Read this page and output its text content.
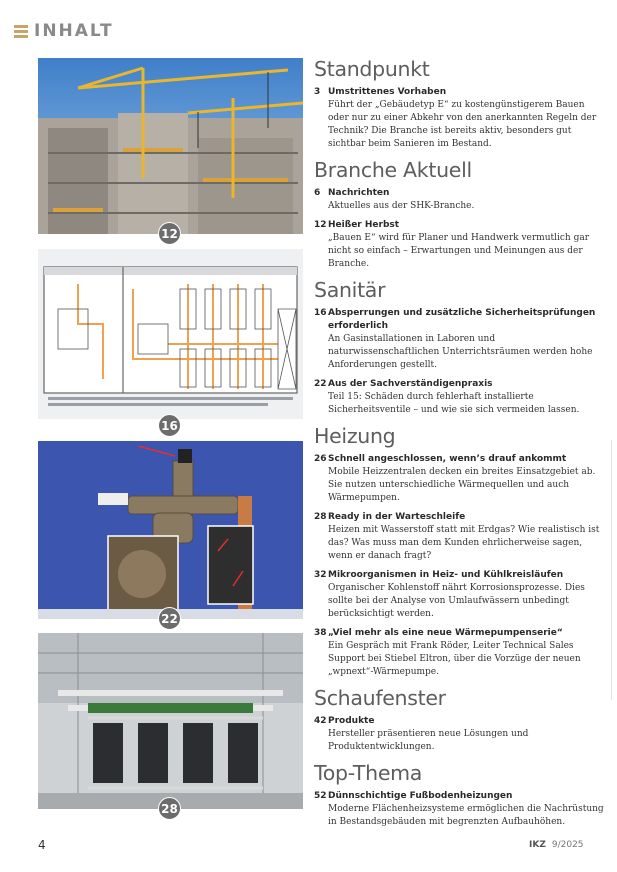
INHALT
12
16
22
28
Standpunkt
3 Umstrittenes Vorhaben
Führt der „Gebäudetyp E“ zu kostengünstigerem Bauen oder nur zu einer Abkehr von den anerkannten Regeln der Technik? Die Branche ist bereits aktiv, besonders gut sichtbar beim Sanieren im Bestand.
Branche Aktuell
6 Nachrichten
Aktuelles aus der SHK-Branche.
12 Heißer Herbst
„Bauen E“ wird für Planer und Handwerk vermutlich gar nicht so einfach – Erwartungen und Meinungen aus der Branche.
Sanitär
16 Absperrungen und zusätzliche Sicherheitsprüfungen erforderlich
An Gasinstallationen in Laboren und naturwissenschaftlichen Unterrichtsräumen werden hohe Anforderungen gestellt.
22 Aus der Sachverständigenpraxis
Teil 15: Schäden durch fehlerhaft installierte Sicherheitsventile – und wie sie sich vermeiden lassen.
Heizung
26 Schnell angeschlossen, wenn’s drauf ankommt
Mobile Heizzentralen decken ein breites Einsatzgebiet ab. Sie nutzen unterschiedliche Wärmequellen und auch Wärmepumpen.
28 Ready in der Warteschleife
Heizen mit Wasserstoff statt mit Erdgas? Wie realistisch ist das? Was muss man dem Kunden ehrlicherweise sagen, wenn er danach fragt?
32 Mikroorganismen in Heiz- und Kühlkreisläufen
Organischer Kohlenstoff nährt Korrosionsprozesse. Dies sollte bei der Analyse von Umlaufwässern unbedingt berücksichtigt werden.
38 „Viel mehr als eine neue Wärmepumpenserie“
Ein Gespräch mit Frank Röder, Leiter Technical Sales Support bei Stiebel Eltron, über die Vorzüge der neuen „wpnext“-Wärmepumpe.
Schaufenster
42 Produkte
Hersteller präsentieren neue Lösungen und Produktentwicklungen.
Top-Thema
52 Dünnschichtige Fußbodenheizungen
Moderne Flächenheizsysteme ermöglichen die Nachrüstung in Bestandsgebäuden mit begrenzten Aufbauhöhen.
4	IKZ 9/2025
